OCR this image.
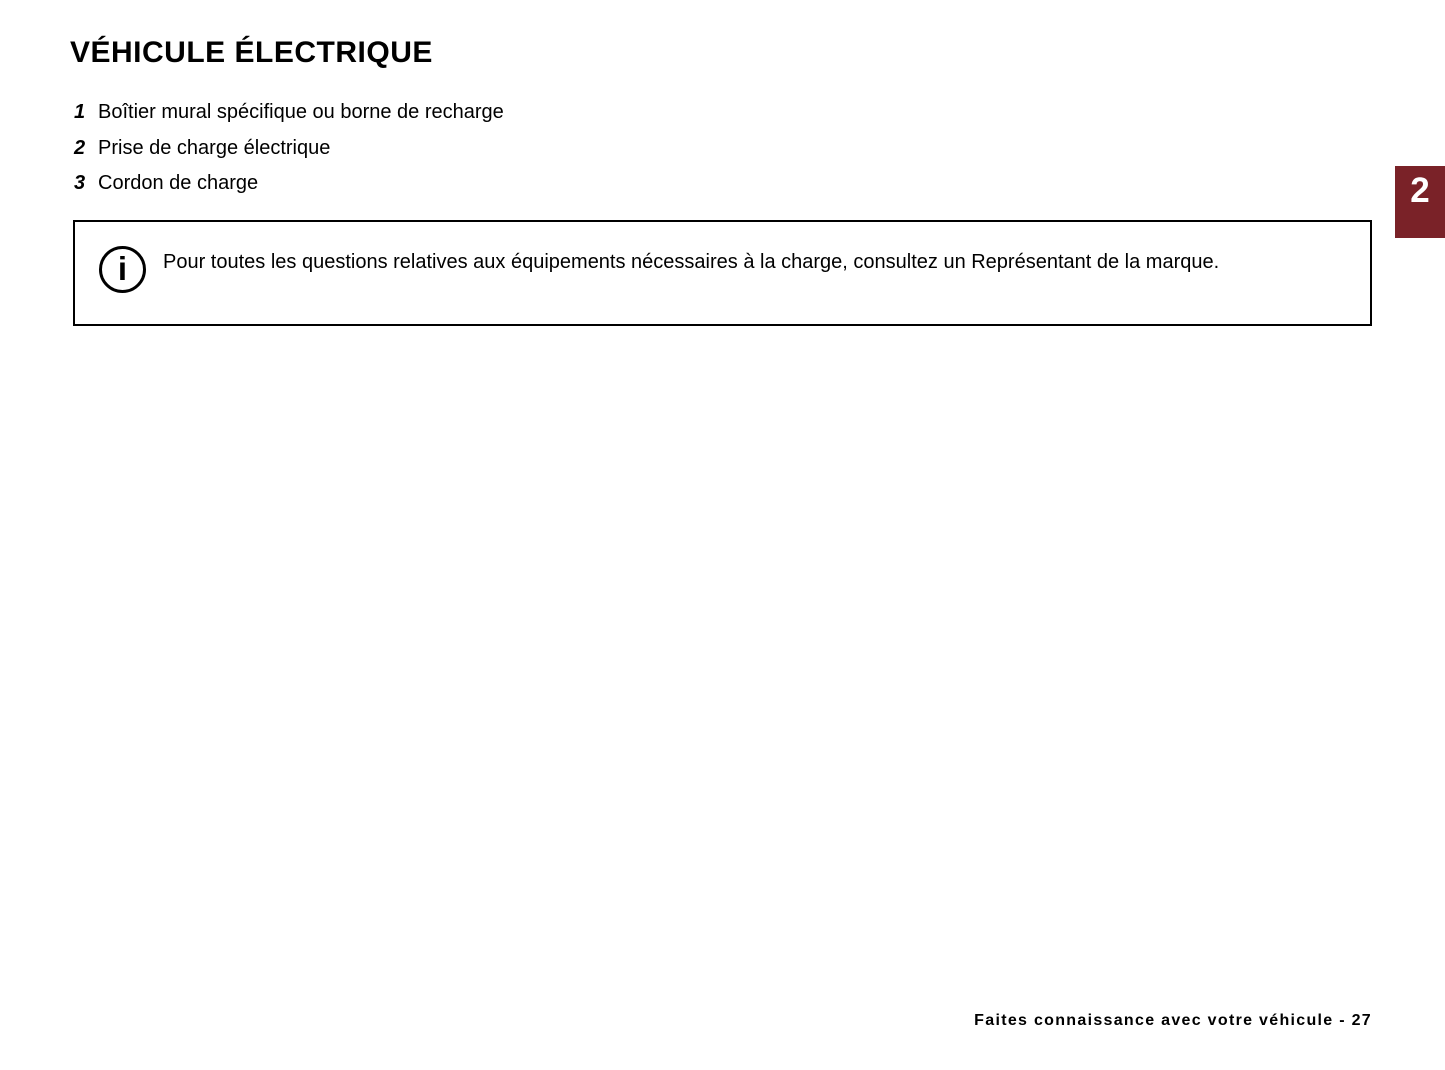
VÉHICULE ÉLECTRIQUE
1 Boîtier mural spécifique ou borne de recharge
2 Prise de charge électrique
3 Cordon de charge
i	Pour toutes les questions relatives aux équipements nécessaires à la charge, consultez un Représentant de la marque.
2
Faites connaissance avec votre véhicule - 27
